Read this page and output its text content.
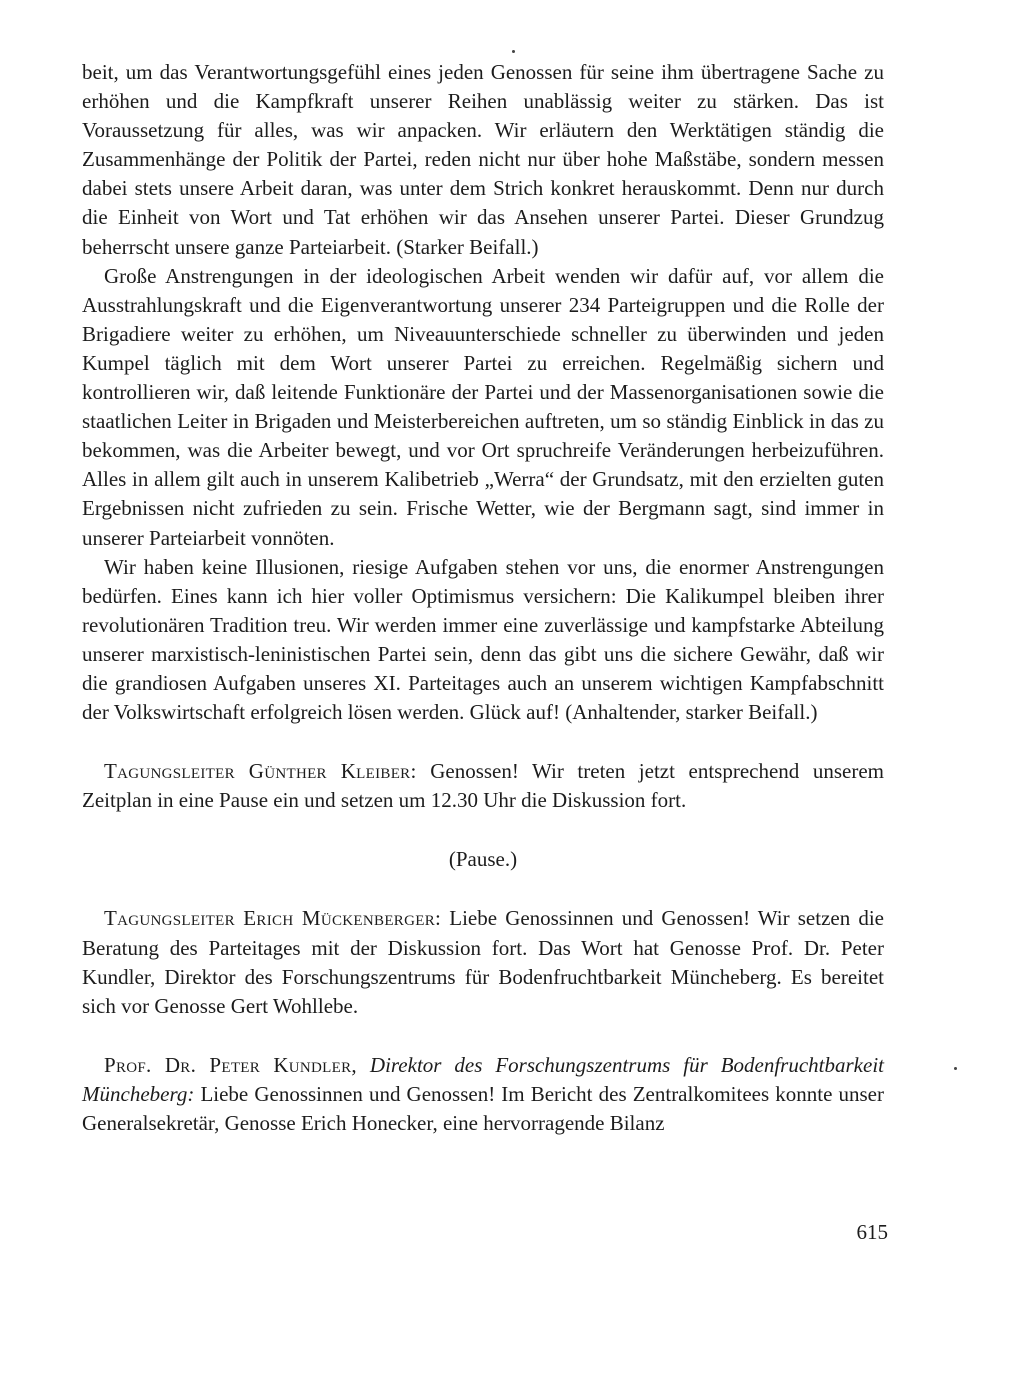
beit, um das Verantwortungsgefühl eines jeden Genossen für seine ihm übertragene Sache zu erhöhen und die Kampfkraft unserer Reihen unablässig weiter zu stärken. Das ist Voraussetzung für alles, was wir anpacken. Wir erläutern den Werktätigen ständig die Zusammenhänge der Politik der Partei, reden nicht nur über hohe Maßstäbe, sondern messen dabei stets unsere Arbeit daran, was unter dem Strich konkret herauskommt. Denn nur durch die Einheit von Wort und Tat erhöhen wir das Ansehen unserer Partei. Dieser Grundzug beherrscht unsere ganze Parteiarbeit. (Starker Beifall.)

Große Anstrengungen in der ideologischen Arbeit wenden wir dafür auf, vor allem die Ausstrahlungskraft und die Eigenverantwortung unserer 234 Parteigruppen und die Rolle der Brigadiere weiter zu erhöhen, um Niveauunterschiede schneller zu überwinden und jeden Kumpel täglich mit dem Wort unserer Partei zu erreichen. Regelmäßig sichern und kontrollieren wir, daß leitende Funktionäre der Partei und der Massenorganisationen sowie die staatlichen Leiter in Brigaden und Meisterbereichen auftreten, um so ständig Einblick in das zu bekommen, was die Arbeiter bewegt, und vor Ort spruchreife Veränderungen herbeizuführen. Alles in allem gilt auch in unserem Kalibetrieb „Werra“ der Grundsatz, mit den erzielten guten Ergebnissen nicht zufrieden zu sein. Frische Wetter, wie der Bergmann sagt, sind immer in unserer Parteiarbeit vonnöten.

Wir haben keine Illusionen, riesige Aufgaben stehen vor uns, die enormer Anstrengungen bedürfen. Eines kann ich hier voller Optimismus versichern: Die Kalikumpel bleiben ihrer revolutionären Tradition treu. Wir werden immer eine zuverlässige und kampfstarke Abteilung unserer marxistisch-leninistischen Partei sein, denn das gibt uns die sichere Gewähr, daß wir die grandiosen Aufgaben unseres XI. Parteitages auch an unserem wichtigen Kampfabschnitt der Volkswirtschaft erfolgreich lösen werden. Glück auf! (Anhaltender, starker Beifall.)

Tagungsleiter Günther Kleiber: Genossen! Wir treten jetzt entsprechend unserem Zeitplan in eine Pause ein und setzen um 12.30 Uhr die Diskussion fort.

(Pause.)

Tagungsleiter Erich Mückenberger: Liebe Genossinnen und Genossen! Wir setzen die Beratung des Parteitages mit der Diskussion fort. Das Wort hat Genosse Prof. Dr. Peter Kundler, Direktor des Forschungszentrums für Bodenfruchtbarkeit Müncheberg. Es bereitet sich vor Genosse Gert Wohllebe.

Prof. Dr. Peter Kundler, Direktor des Forschungszentrums für Bodenfruchtbarkeit Müncheberg: Liebe Genossinnen und Genossen! Im Bericht des Zentralkomitees konnte unser Generalsekretär, Genosse Erich Honecker, eine hervorragende Bilanz

615
